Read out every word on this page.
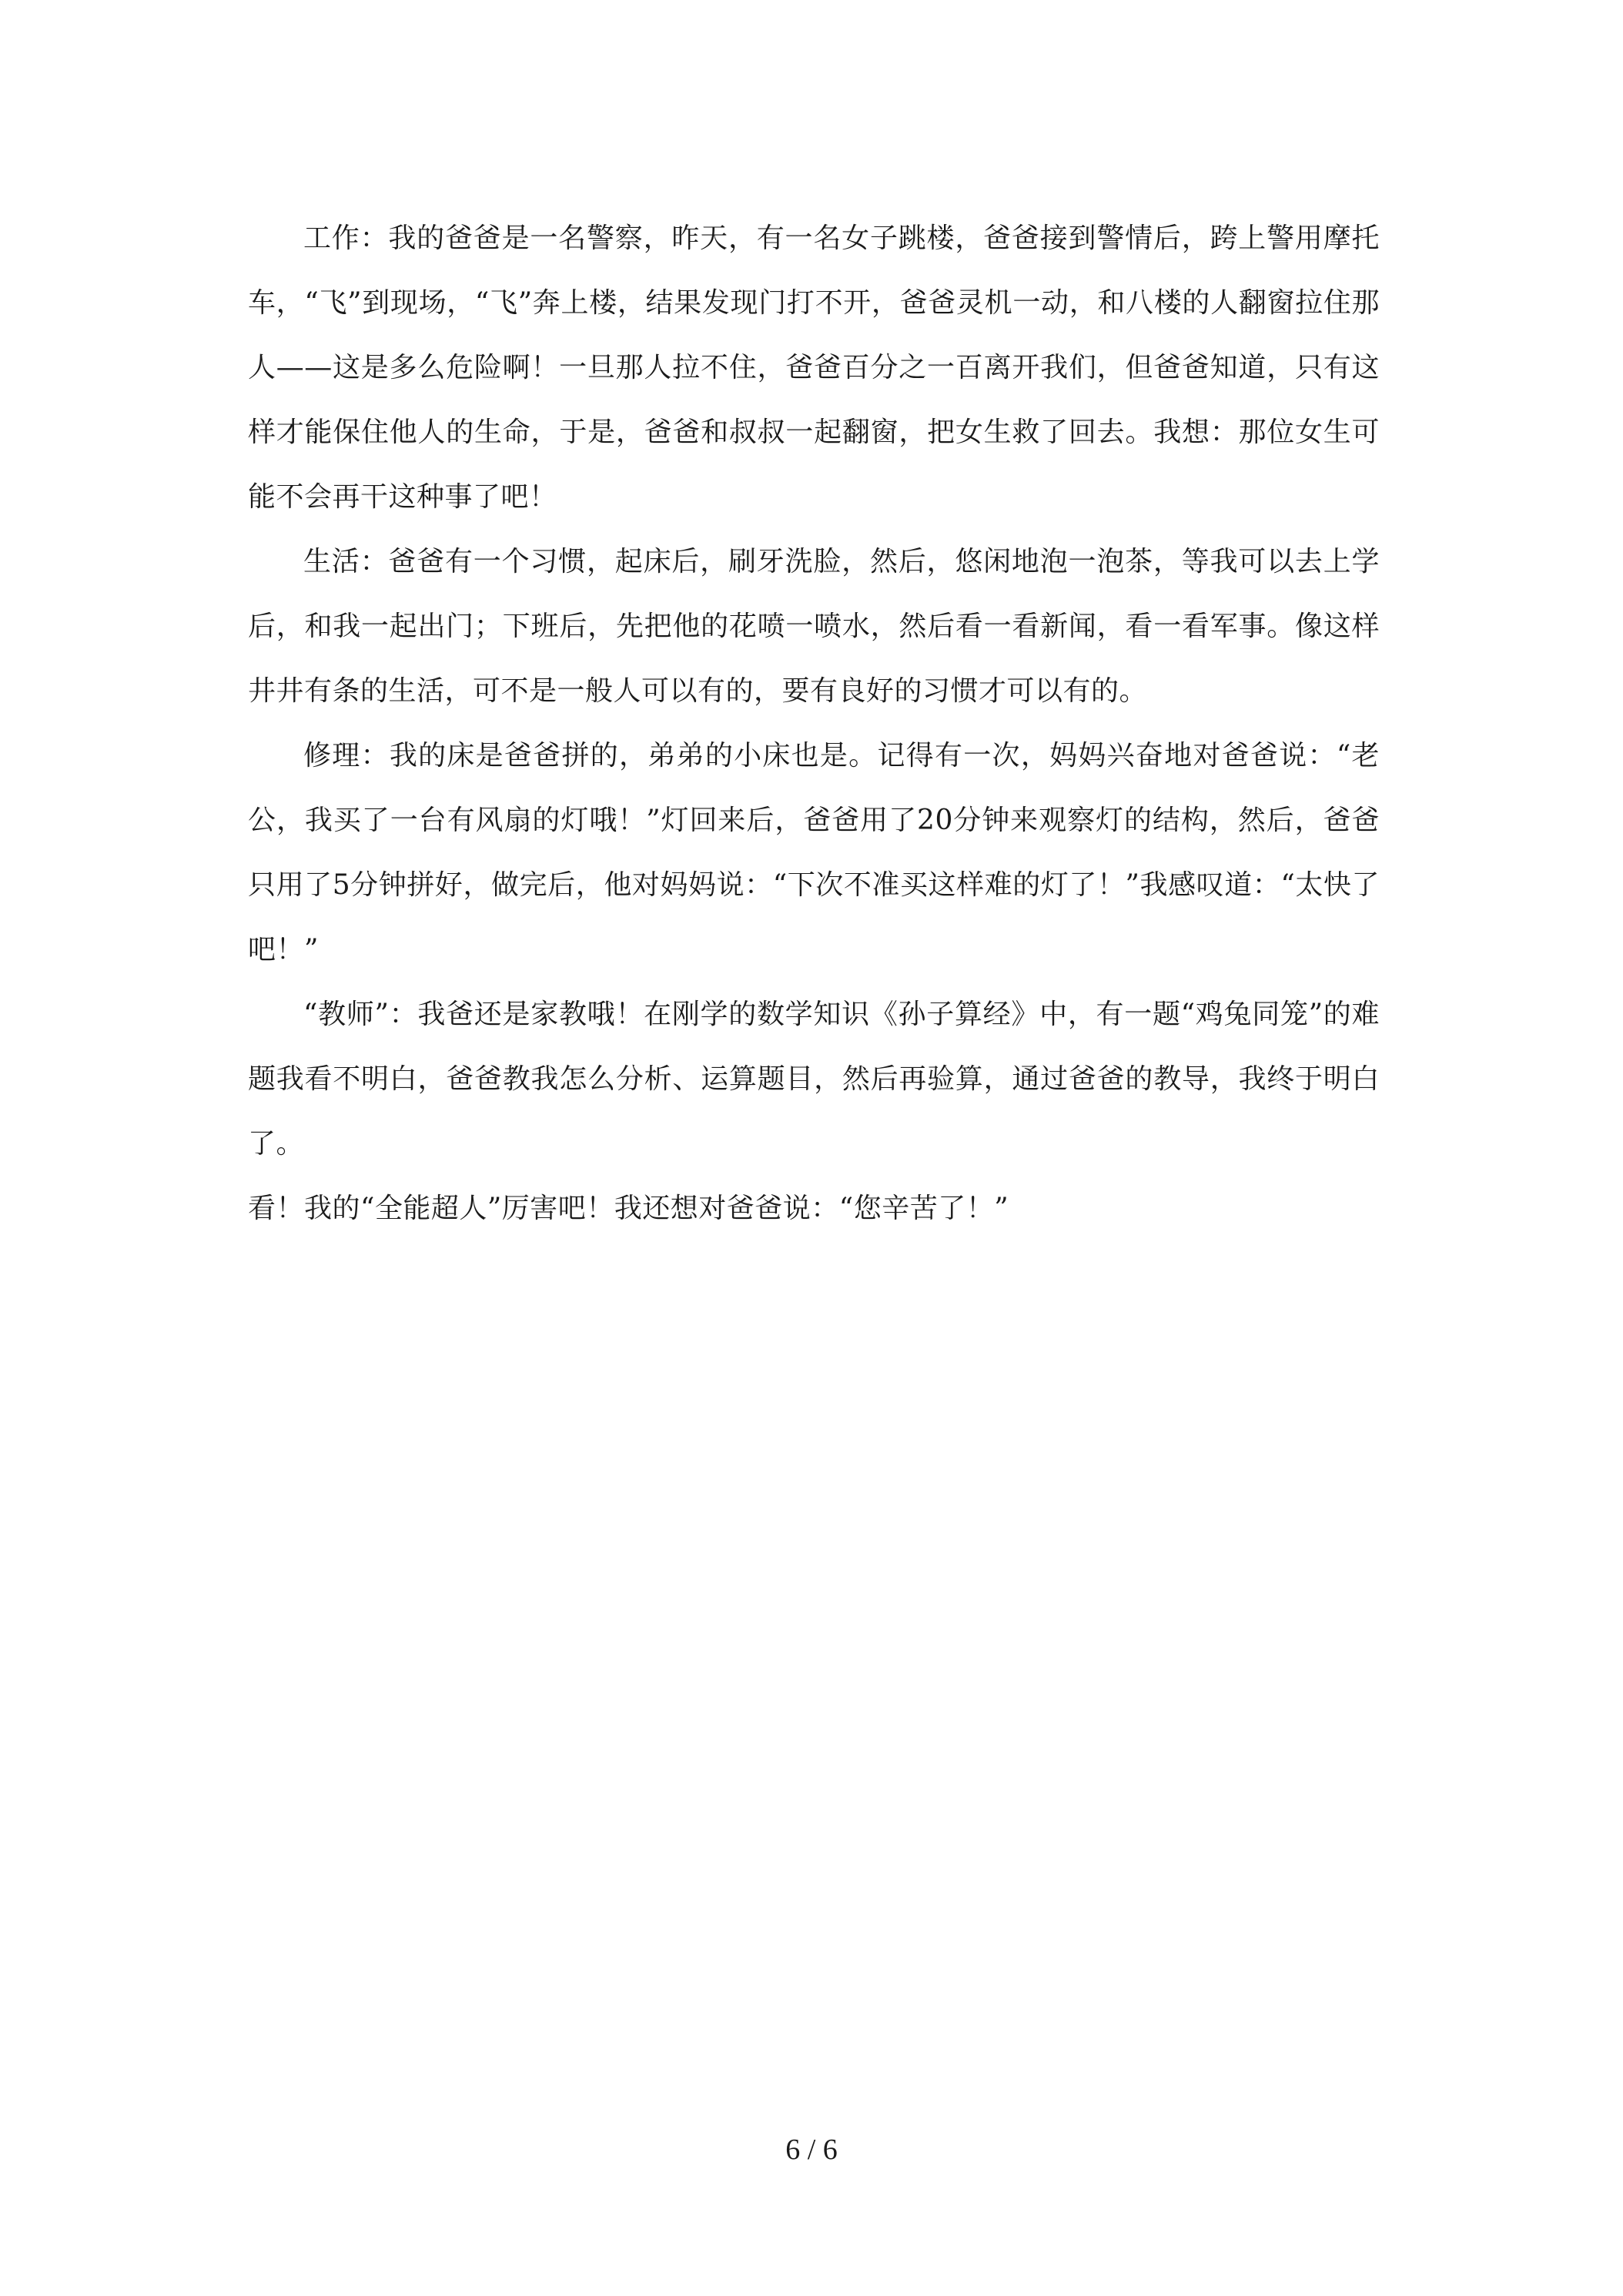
工作：我的爸爸是一名警察，昨天，有一名女子跳楼，爸爸接到警情后，跨上警用摩托车，“飞”到现场，“飞”奔上楼，结果发现门打不开，爸爸灵机一动，和八楼的人翻窗拉住那人——这是多么危险啊！一旦那人拉不住，爸爸百分之一百离开我们，但爸爸知道，只有这样才能保住他人的生命，于是，爸爸和叔叔一起翻窗，把女生救了回去。我想：那位女生可能不会再干这种事了吧！

生活：爸爸有一个习惯，起床后，刷牙洗脸，然后，悠闲地泡一泡茶，等我可以去上学后，和我一起出门；下班后，先把他的花喷一喷水，然后看一看新闻，看一看军事。像这样井井有条的生活，可不是一般人可以有的，要有良好的习惯才可以有的。

修理：我的床是爸爸拼的，弟弟的小床也是。记得有一次，妈妈兴奋地对爸爸说：“老公，我买了一台有风扇的灯哦！”灯回来后，爸爸用了20分钟来观察灯的结构，然后，爸爸只用了5分钟拼好，做完后，他对妈妈说：“下次不准买这样难的灯了！”我感叹道：“太快了吧！”

“教师”：我爸还是家教哦！在刚学的数学知识《孙子算经》中，有一题“鸡兔同笼”的难题我看不明白，爸爸教我怎么分析、运算题目，然后再验算，通过爸爸的教导，我终于明白了。

看！我的“全能超人”厉害吧！我还想对爸爸说：“您辛苦了！”

6 / 6
